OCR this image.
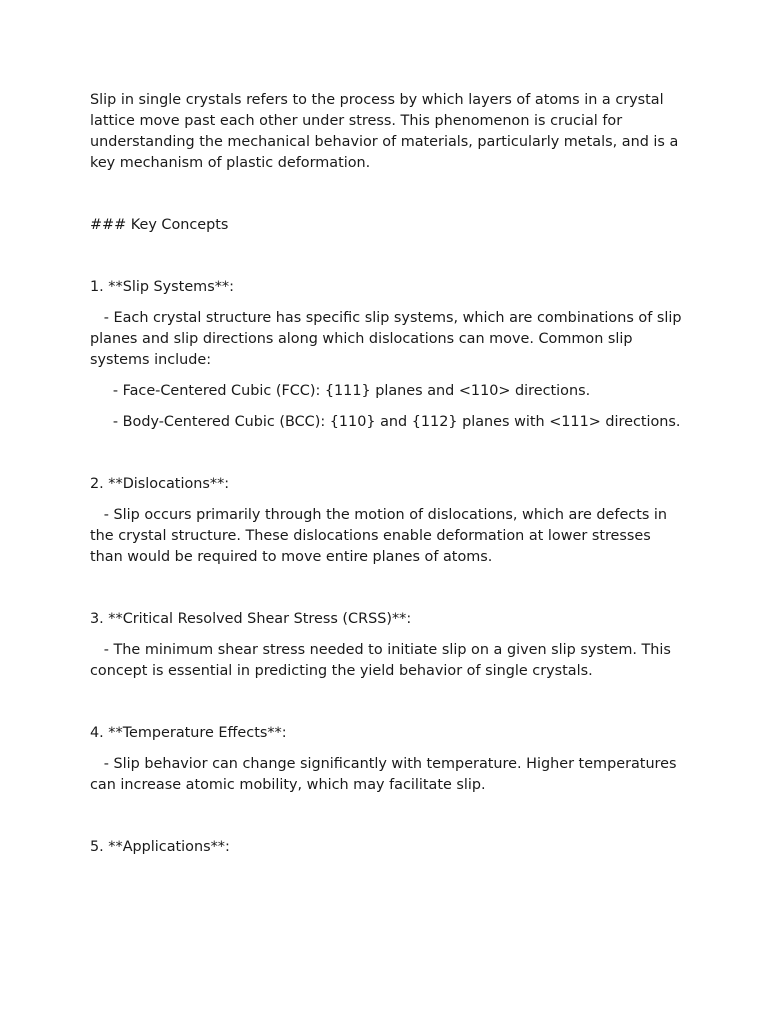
Slip in single crystals refers to the process by which layers of atoms in a crystal lattice move past each other under stress. This phenomenon is crucial for understanding the mechanical behavior of materials, particularly metals, and is a key mechanism of plastic deformation.

### Key Concepts

1. **Slip Systems**:

- Each crystal structure has specific slip systems, which are combinations of slip planes and slip directions along which dislocations can move. Common slip systems include:

- Face-Centered Cubic (FCC): {111} planes and <110> directions.

- Body-Centered Cubic (BCC): {110} and {112} planes with <111> directions.

2. **Dislocations**:

- Slip occurs primarily through the motion of dislocations, which are defects in the crystal structure. These dislocations enable deformation at lower stresses than would be required to move entire planes of atoms.

3. **Critical Resolved Shear Stress (CRSS)**:

- The minimum shear stress needed to initiate slip on a given slip system. This concept is essential in predicting the yield behavior of single crystals.

4. **Temperature Effects**:

- Slip behavior can change significantly with temperature. Higher temperatures can increase atomic mobility, which may facilitate slip.

5. **Applications**:
